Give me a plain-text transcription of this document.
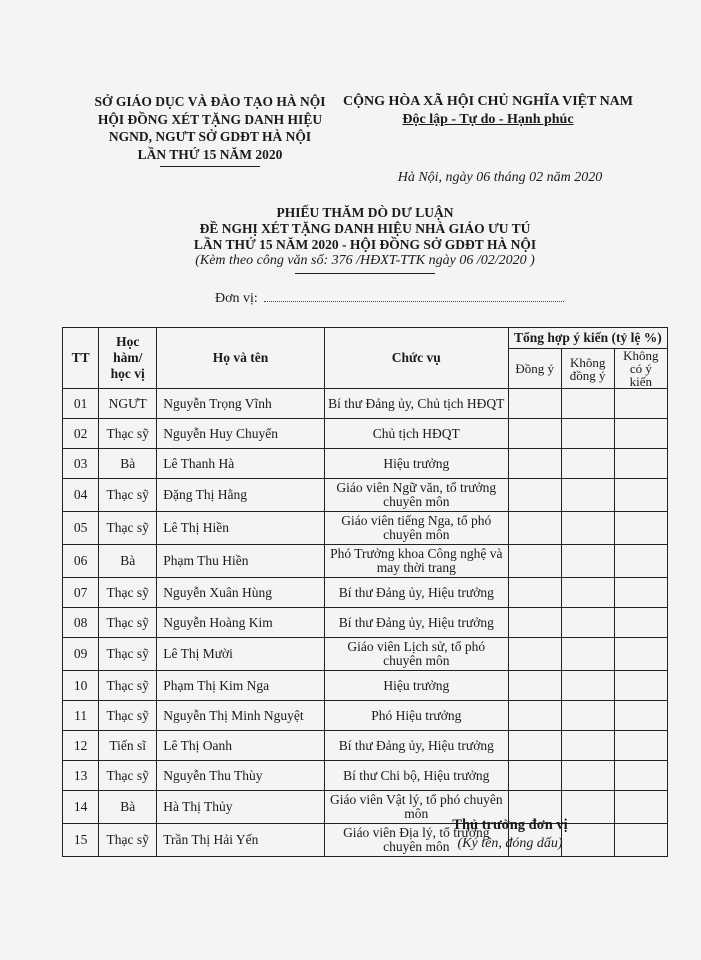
SỞ GIÁO DỤC VÀ ĐÀO TẠO HÀ NỘI
HỘI ĐỒNG XÉT TẶNG DANH HIỆU
NGND, NGƯT SỞ GDĐT HÀ NỘI
LẦN THỨ 15 NĂM 2020
CỘNG HÒA XÃ HỘI CHỦ NGHĨA VIỆT NAM
Độc lập - Tự do - Hạnh phúc
Hà Nội, ngày 06 tháng 02 năm 2020
PHIẾU THĂM DÒ DƯ LUẬN
ĐỀ NGHỊ XÉT TẶNG DANH HIỆU NHÀ GIÁO ƯU TÚ
LẦN THỨ 15 NĂM 2020 - HỘI ĐỒNG SỞ GDĐT HÀ NỘI
(Kèm theo công văn số: 376 /HĐXT-TTK ngày 06 /02/2020 )
Đơn vị:
TT	Học hàm/ học vị	Họ và tên	Chức vụ	Tổng hợp ý kiến (tỷ lệ %)		
				Đồng ý	Không đồng ý	Không có ý kiến
01	NGƯT	Nguyễn Trọng Vĩnh	Bí thư Đảng ủy, Chủ tịch HĐQT			
02	Thạc sỹ	Nguyễn Huy Chuyển	Chủ tịch HĐQT			
03	Bà	Lê Thanh Hà	Hiệu trưởng			
04	Thạc sỹ	Đặng Thị Hằng	Giáo viên Ngữ văn, tổ trưởng chuyên môn			
05	Thạc sỹ	Lê Thị Hiền	Giáo viên tiếng Nga, tổ phó chuyên môn			
06	Bà	Phạm Thu Hiền	Phó Trưởng khoa Công nghệ và may thời trang			
07	Thạc sỹ	Nguyễn Xuân Hùng	Bí thư Đảng ủy, Hiệu trưởng			
08	Thạc sỹ	Nguyễn Hoàng Kim	Bí thư Đảng ủy, Hiệu trưởng			
09	Thạc sỹ	Lê Thị Mười	Giáo viên Lịch sử, tổ phó chuyên môn			
10	Thạc sỹ	Phạm Thị Kim Nga	Hiệu trưởng			
11	Thạc sỹ	Nguyễn Thị Minh Nguyệt	Phó Hiệu trưởng			
12	Tiến sĩ	Lê Thị Oanh	Bí thư Đảng ủy, Hiệu trưởng			
13	Thạc sỹ	Nguyễn Thu Thùy	Bí thư Chi bộ, Hiệu trưởng			
14	Bà	Hà Thị Thủy	Giáo viên Vật lý, tổ phó chuyên môn			
15	Thạc sỹ	Trần Thị Hải Yến	Giáo viên Địa lý, tổ trưởng chuyên môn			
Thủ trưởng đơn vị
(Ký tên, đóng dấu)
